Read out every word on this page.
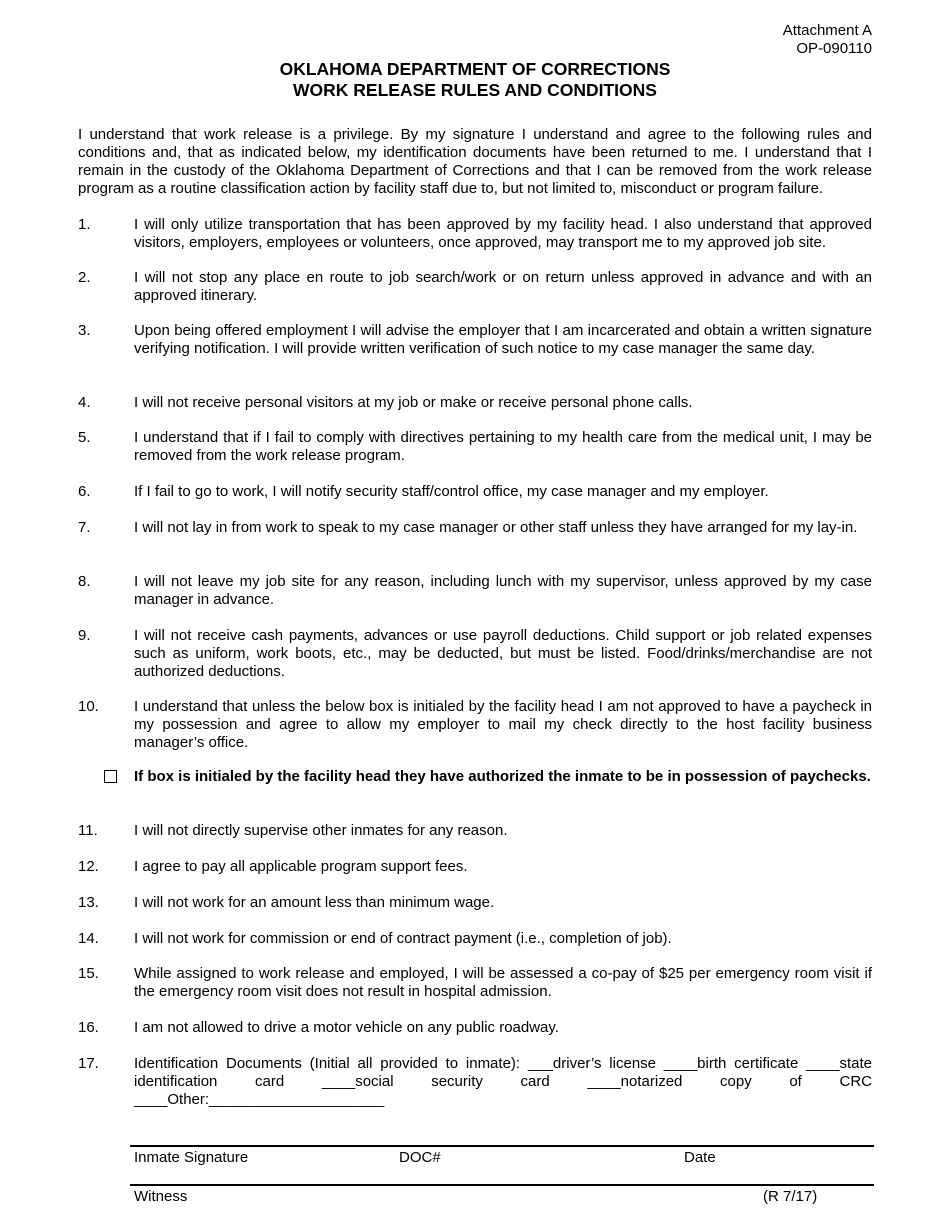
Attachment A
OP-090110
OKLAHOMA DEPARTMENT OF CORRECTIONS
WORK RELEASE RULES AND CONDITIONS

I understand that work release is a privilege. By my signature I understand and agree to the following rules and conditions and, that as indicated below, my identification documents have been returned to me. I understand that I remain in the custody of the Oklahoma Department of Corrections and that I can be removed from the work release program as a routine classification action by facility staff due to, but not limited to, misconduct or program failure.

1.	I will only utilize transportation that has been approved by my facility head. I also understand that approved visitors, employers, employees or volunteers, once approved, may transport me to my approved job site.
2.	I will not stop any place en route to job search/work or on return unless approved in advance and with an approved itinerary.
3.	Upon being offered employment I will advise the employer that I am incarcerated and obtain a written signature verifying notification. I will provide written verification of such notice to my case manager the same day.
4.	I will not receive personal visitors at my job or make or receive personal phone calls.
5.	I understand that if I fail to comply with directives pertaining to my health care from the medical unit, I may be removed from the work release program.
6.	If I fail to go to work, I will notify security staff/control office, my case manager and my employer.
7.	I will not lay in from work to speak to my case manager or other staff unless they have arranged for my lay-in.
8.	I will not leave my job site for any reason, including lunch with my supervisor, unless approved by my case manager in advance.
9.	I will not receive cash payments, advances or use payroll deductions. Child support or job related expenses such as uniform, work boots, etc., may be deducted, but must be listed. Food/drinks/merchandise are not authorized deductions.
10. I understand that unless the below box is initialed by the facility head I am not approved to have a paycheck in my possession and agree to allow my employer to mail my check directly to the host facility business manager’s office.
If box is initialed by the facility head they have authorized the inmate to be in possession of paychecks.
11. I will not directly supervise other inmates for any reason.
12. I agree to pay all applicable program support fees.
13. I will not work for an amount less than minimum wage.
14. I will not work for commission or end of contract payment (i.e., completion of job).
15. While assigned to work release and employed, I will be assessed a co-pay of $25 per emergency room visit if the emergency room visit does not result in hospital admission.
16. I am not allowed to drive a motor vehicle on any public roadway.
17. Identification Documents (Initial all provided to inmate): ___driver’s license ____birth certificate ____state
identification card ____social security card ____notarized copy of CRC
____Other:_____________________
Inmate Signature	DOC#	Date
Witness	(R 7/17)
